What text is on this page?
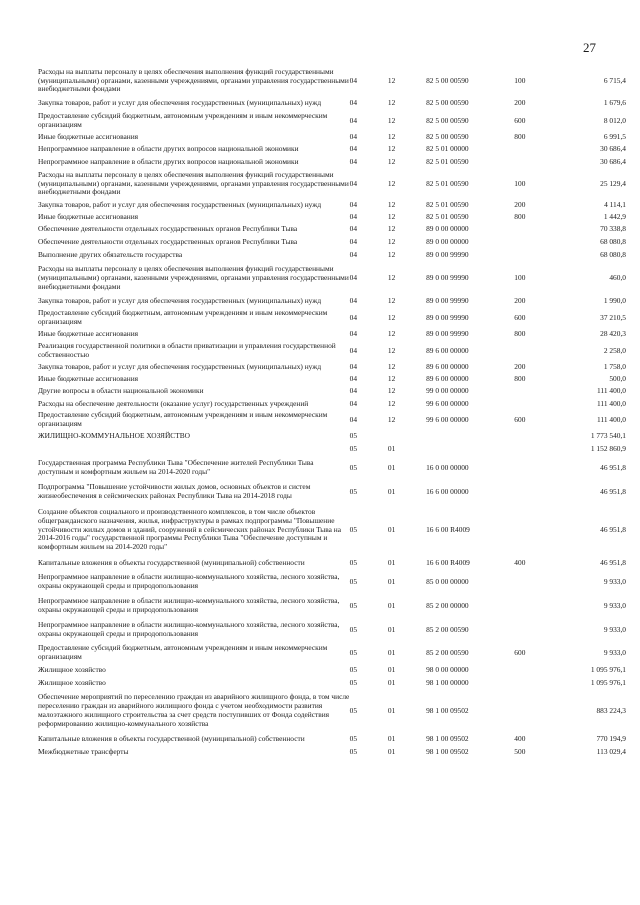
27
Расходы на выплаты персоналу в целях обеспечения выполнения функций государственными (муниципальными) органами, казенными учреждениями, органами управления государственными внебюджетными фондами	04	12	82 5 00 00590	100	6 715,4
Закупка товаров, работ и услуг для обеспечения государственных (муниципальных) нужд	04	12	82 5 00 00590	200	1 679,6
Предоставление субсидий бюджетным, автономным учреждениям и иным некоммерческим организациям	04	12	82 5 00 00590	600	8 012,0
Иные бюджетные ассигнования	04	12	82 5 00 00590	800	6 991,5
Непрограммное направление в области других вопросов национальной экономики	04	12	82 5 01 00000		30 686,4
Непрограммное направление в области других вопросов национальной экономики	04	12	82 5 01 00590		30 686,4
Расходы на выплаты персоналу в целях обеспечения выполнения функций государственными (муниципальными) органами, казенными учреждениями, органами управления государственными внебюджетными фондами	04	12	82 5 01 00590	100	25 129,4
Закупка товаров, работ и услуг для обеспечения государственных (муниципальных) нужд	04	12	82 5 01 00590	200	4 114,1
Иные бюджетные ассигнования	04	12	82 5 01 00590	800	1 442,9
Обеспечение деятельности отдельных государственных органов Республики Тыва	04	12	89 0 00 00000		70 338,8
Обеспечение деятельности отдельных государственных органов Республики Тыва	04	12	89 0 00 00000		68 080,8
Выполнение других обязательств государства	04	12	89 0 00 99990		68 080,8
Расходы на выплаты персоналу в целях обеспечения выполнения функций государственными (муниципальными) органами, казенными учреждениями, органами управления государственными внебюджетными фондами	04	12	89 0 00 99990	100	460,0
Закупка товаров, работ и услуг для обеспечения государственных (муниципальных) нужд	04	12	89 0 00 99990	200	1 990,0
Предоставление субсидий бюджетным, автономным учреждениям и иным некоммерческим организациям	04	12	89 0 00 99990	600	37 210,5
Иные бюджетные ассигнования	04	12	89 0 00 99990	800	28 420,3
Реализация государственной политики в области приватизации и управления государственной собственностью	04	12	89 6 00 00000		2 258,0
Закупка товаров, работ и услуг для обеспечения государственных (муниципальных) нужд	04	12	89 6 00 00000	200	1 758,0
Иные бюджетные ассигнования	04	12	89 6 00 00000	800	500,0
Другие вопросы в области национальной экономики	04	12	99 0 00 00000		111 400,0
Расходы на обеспечение деятельности (оказание услуг) государственных учреждений	04	12	99 6 00 00000		111 400,0
Предоставление субсидий бюджетным, автономным учреждениям и иным некоммерческим организациям	04	12	99 6 00 00000	600	111 400,0
ЖИЛИЩНО-КОММУНАЛЬНОЕ ХОЗЯЙСТВО	05				1 773 540,1
	05	01			1 152 860,9
Государственная программа Республики Тыва "Обеспечение жителей Республики Тыва доступным и комфортным жильем на 2014-2020 годы"	05	01	16 0 00 00000		46 951,8
Подпрограмма "Повышение устойчивости жилых домов, основных объектов и систем жизнеобеспечения в сейсмических районах Республики Тыва на 2014-2018 годы	05	01	16 6 00 00000		46 951,8
Создание объектов социального и производственного комплексов, в том числе объектов общегражданского назначения, жилья, инфраструктуры в рамках подпрограммы "Повышение устойчивости жилых домов и зданий, сооружений в сейсмических районах Республики Тыва на 2014-2016 годы" государственной программы Республики Тыва "Обеспечение доступным и комфортным жильем на 2014-2020 годы"	05	01	16 6 00 R4009		46 951,8
Капитальные вложения в объекты государственной (муниципальной) собственности	05	01	16 6 00 R4009	400	46 951,8
Непрограммное направление в области жилищно-коммунального хозяйства, лесного хозяйства, охраны окружающей среды и природопользования	05	01	85 0 00 00000		9 933,0
Непрограммное направление в области жилищно-коммунального хозяйства, лесного хозяйства, охраны окружающей среды и природопользования	05	01	85 2 00 00000		9 933,0
Непрограммное направление в области жилищно-коммунального хозяйства, лесного хозяйства, охраны окружающей среды и природопользования	05	01	85 2 00 00590		9 933,0
Предоставление субсидий бюджетным, автономным учреждениям и иным некоммерческим организациям	05	01	85 2 00 00590	600	9 933,0
Жилищное хозяйство	05	01	98 0 00 00000		1 095 976,1
Жилищное хозяйство	05	01	98 1 00 00000		1 095 976,1
Обеспечение мероприятий по переселению граждан из аварийного жилищного фонда, в том числе переселению граждан из аварийного жилищного фонда с учетом необходимости развития малоэтажного жилищного строительства за счет средств поступивших от Фонда содействия реформированию жилищно-коммунального хозяйства	05	01	98 1 00 09502		883 224,3
Капитальные вложения в объекты государственной (муниципальной) собственности	05	01	98 1 00 09502	400	770 194,9
Межбюджетные трансферты	05	01	98 1 00 09502	500	113 029,4
